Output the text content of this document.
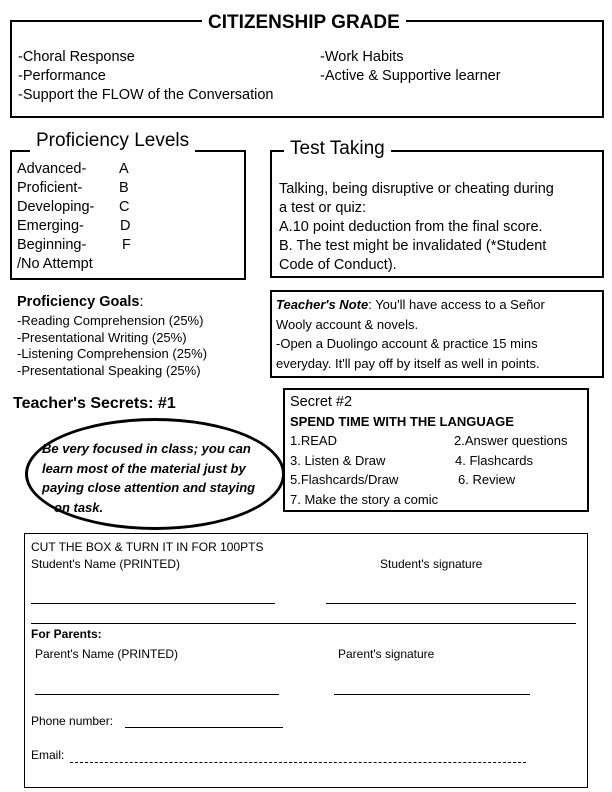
CITIZENSHIP GRADE
-Choral Response
-Performance
-Support the FLOW of the Conversation
-Work Habits
-Active & Supportive learner
Proficiency Levels
Advanced-
Proficient-
Developing-
Emerging-
Beginning-
/No Attempt
A
B
C
D
F
Test Taking
Talking, being disruptive or cheating during
a test or quiz:
A.10 point deduction from the final score.
B. The test might be invalidated (*Student
Code of Conduct).
Proficiency Goals:
-Reading Comprehension (25%)
-Presentational Writing (25%)
-Listening Comprehension (25%)
-Presentational Speaking (25%)
Teacher's Note: You'll have access to a Señor
Wooly account & novels.
-Open a Duolingo account & practice 15 mins
everyday. It'll pay off by itself as well in points.
Teacher's Secrets: #1
Be very focused in class; you can
learn most of the material just by
paying close attention and staying
on task.
Secret #2
SPEND TIME WITH THE LANGUAGE
1.READ
3. Listen & Draw
5.Flashcards/Draw
7. Make the story a comic
2.Answer questions
4. Flashcards
6. Review
CUT THE BOX & TURN IT IN FOR 100PTS
Student's Name (PRINTED)	Student's signature
For Parents:
Parent's Name (PRINTED)	Parent's signature
Phone number:
Email:
